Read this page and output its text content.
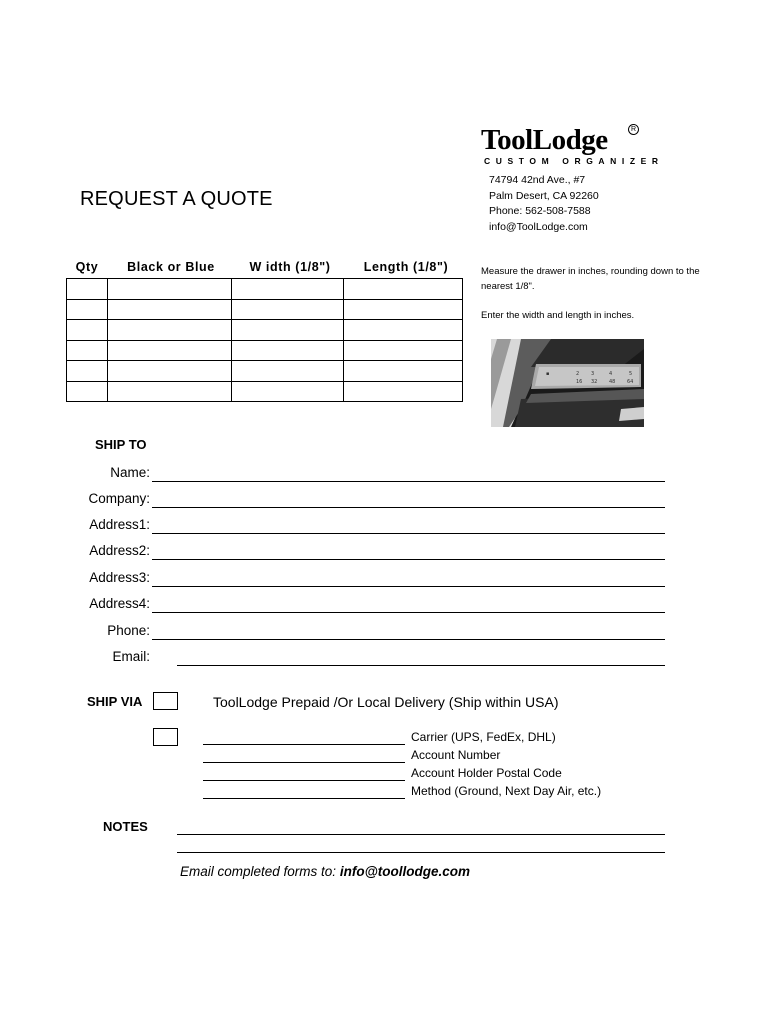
ToolLodge	R
CUSTOM ORGANIZER
74794 42nd Ave., #7
Palm Desert, CA 92260
Phone: 562-508-7588
info@ToolLodge.com
REQUEST A QUOTE
Qty	Black or Blue	W idth (1/8")	Length (1/8")

				Measure the drawer in inches, rounding down to the nearest 1/8".
Enter the width and length in inches.
▪	2 3	4	5
16 32 48 64
SHIP TO
Name:
Company:
Address1:
Address2:
Address3:
Address4:
Phone:
Email:
SHIP VIA	ToolLodge Prepaid /Or Local Delivery (Ship within USA)
Carrier (UPS, FedEx, DHL)
Account Number
Account Holder Postal Code
Method (Ground, Next Day Air, etc.)
NOTES
Email completed forms to: info@toollodge.com
